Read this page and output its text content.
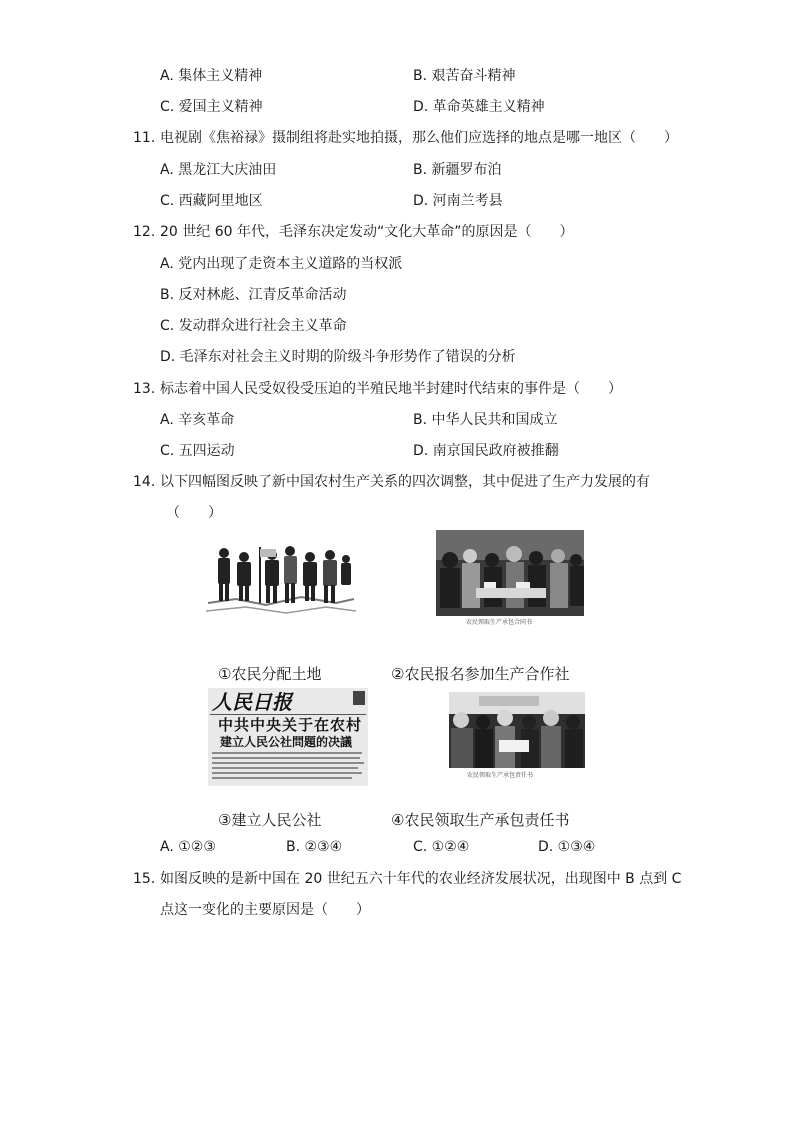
A. 集体主义精神	B. 艰苦奋斗精神
C. 爱国主义精神	D. 革命英雄主义精神
11. 电视剧《焦裕禄》摄制组将赴实地拍摄，那么他们应选择的地点是哪一地区（　　）
A. 黑龙江大庆油田	B. 新疆罗布泊
C. 西藏阿里地区	D. 河南兰考县
12. 20 世纪 60 年代，毛泽东决定发动“文化大革命”的原因是（　　）
A. 党内出现了走资本主义道路的当权派
B. 反对林彪、江青反革命活动
C. 发动群众进行社会主义革命
D. 毛泽东对社会主义时期的阶级斗争形势作了错误的分析
13. 标志着中国人民受奴役受压迫的半殖民地半封建时代结束的事件是（　　）
A. 辛亥革命	B. 中华人民共和国成立
C. 五四运动	D. 南京国民政府被推翻
14. 以下四幅图反映了新中国农村生产关系的四次调整，其中促进了生产力发展的有
（　　）
农民领取生产承包合同书
①农民分配土地	②农民报名参加生产合作社
人民日报
中共中央关于在农村
建立人民公社問題的决議
农民领取生产承包责任书
③建立人民公社	④农民领取生产承包责任书
A. ①②③	B. ②③④	C. ①②④	D. ①③④
15. 如图反映的是新中国在 20 世纪五六十年代的农业经济发展状况，出现图中 B 点到 C
点这一变化的主要原因是（　　）
